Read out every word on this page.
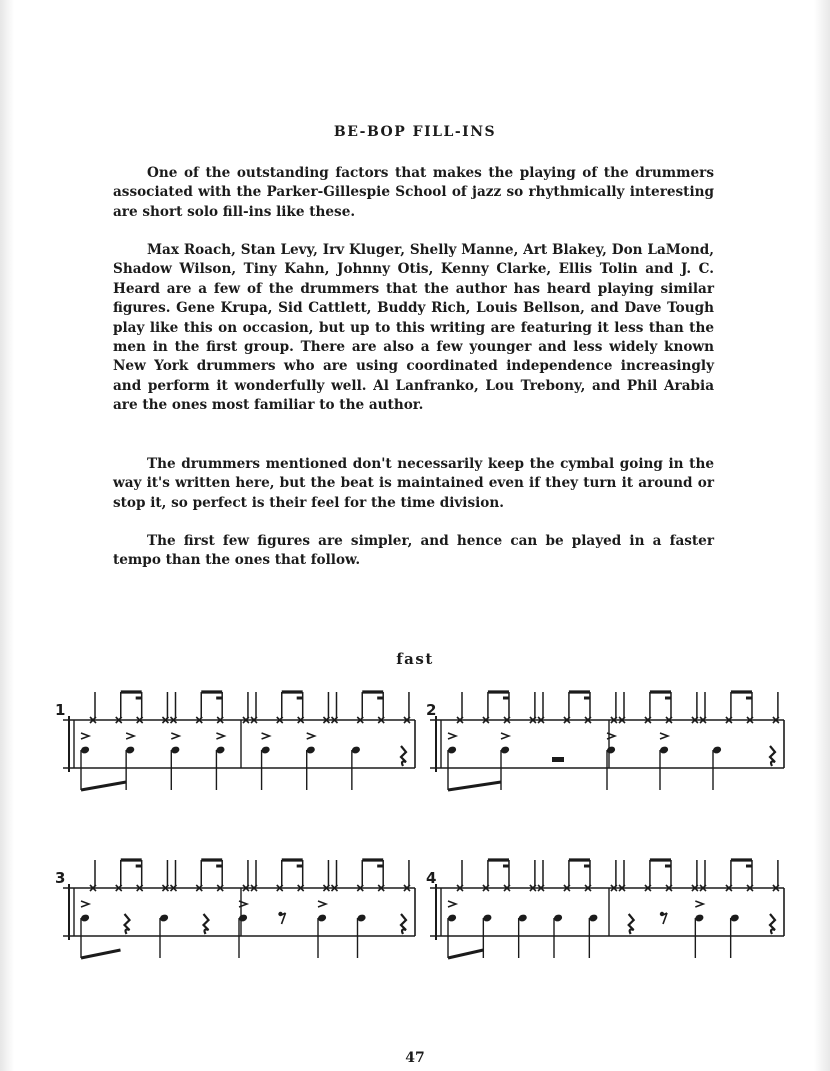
BE-BOP FILL-INS

One of the outstanding factors that makes the playing of the drummers associated with the Parker-Gillespie School of jazz so rhythmically interesting are short solo fill-ins like these.

Max Roach, Stan Levy, Irv Kluger, Shelly Manne, Art Blakey, Don LaMond, Shadow Wilson, Tiny Kahn, Johnny Otis, Kenny Clarke, Ellis Tolin and J. C. Heard are a few of the drummers that the author has heard playing similar figures. Gene Krupa, Sid Cattlett, Buddy Rich, Louis Bellson, and Dave Tough play like this on occasion, but up to this writing are featuring it less than the men in the first group. There are also a few younger and less widely known New York drummers who are using coordinated independence increasingly and perform it wonderfully well. Al Lanfranko, Lou Trebony, and Phil Arabia are the ones most familiar to the author.

The drummers mentioned don't necessarily keep the cymbal going in the way it's written here, but the beat is maintained even if they turn it around or stop it, so perfect is their feel for the time division.

The first few figures are simpler, and hence can be played in a faster tempo than the ones that follow.

fast
1	2
3	4
47
